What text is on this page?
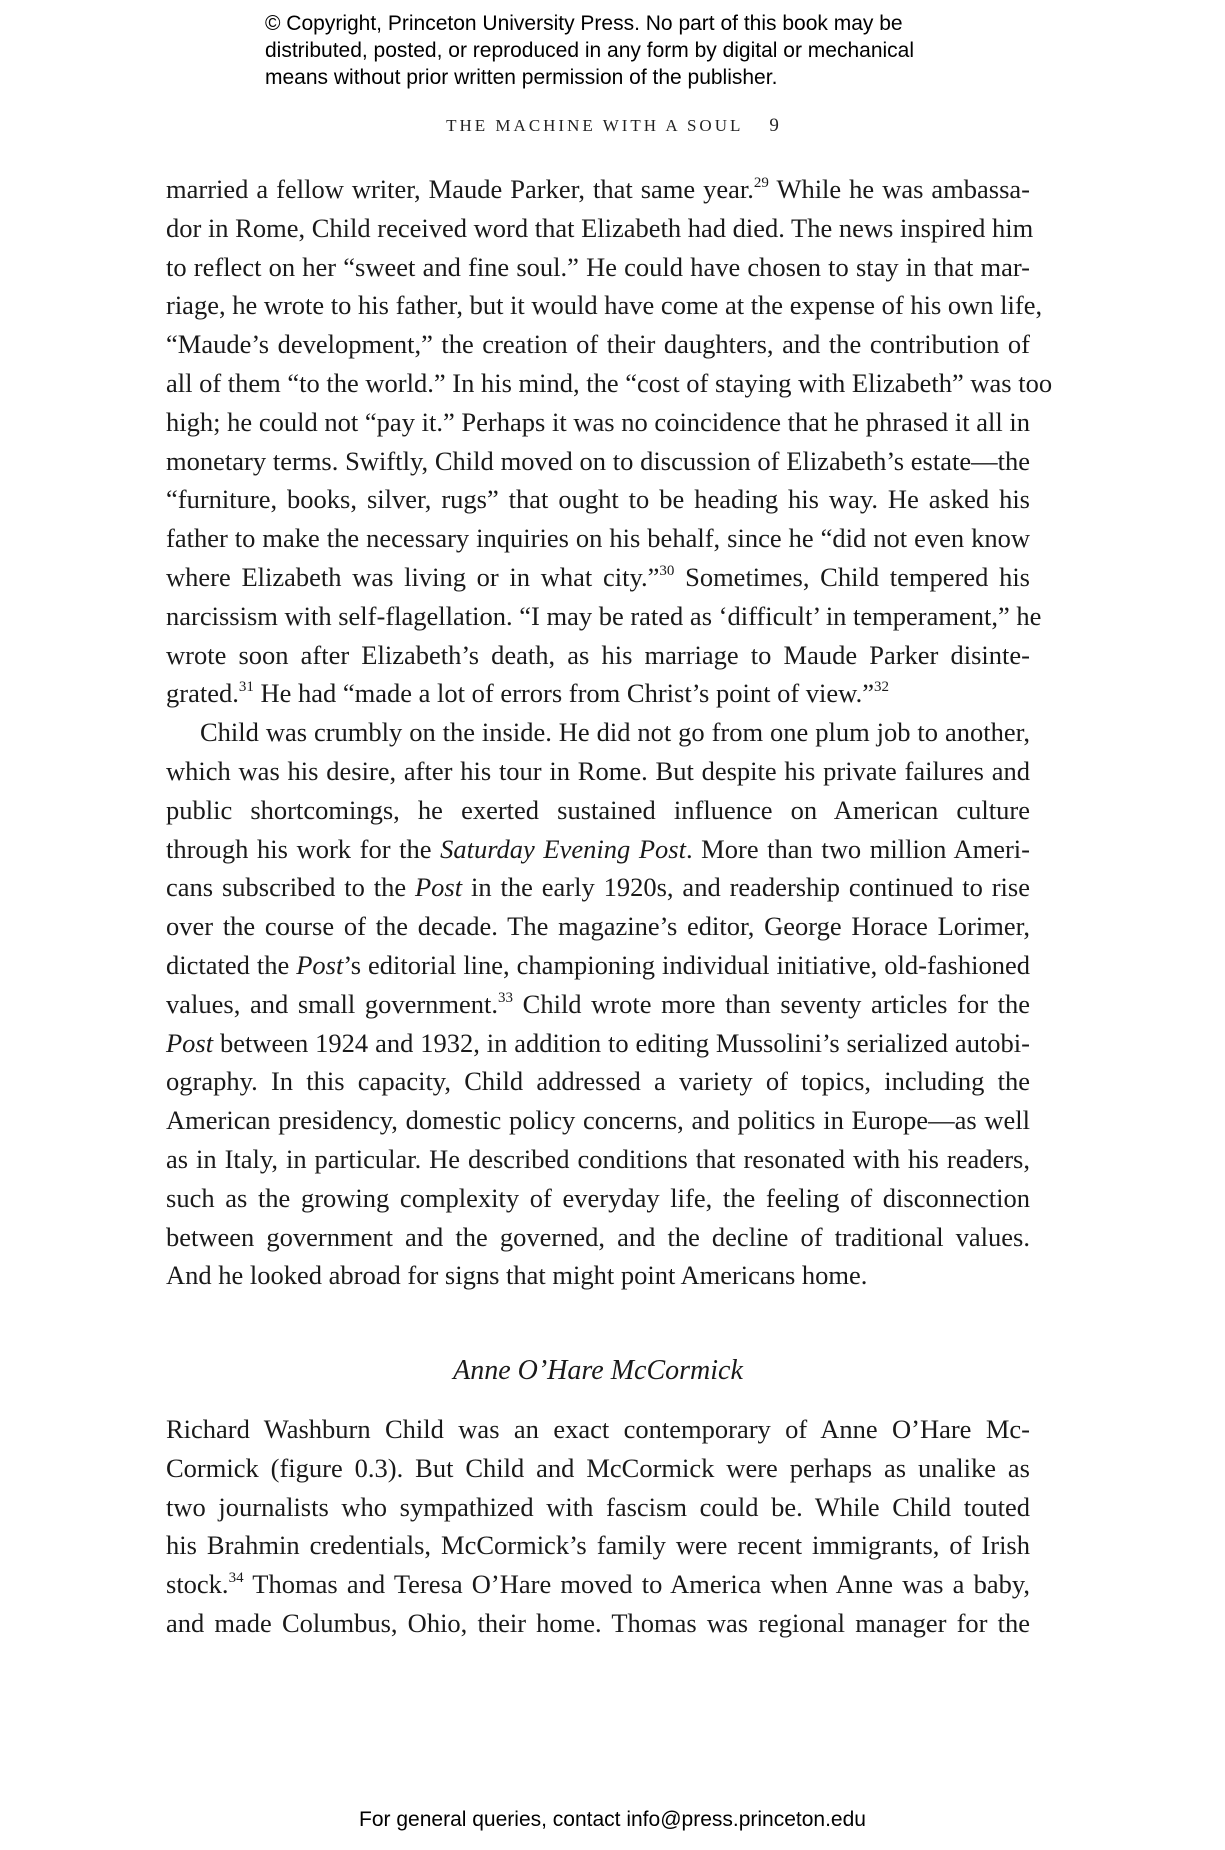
© Copyright, Princeton University Press. No part of this book may be
distributed, posted, or reproduced in any form by digital or mechanical
means without prior written permission of the publisher.
THE MACHINE WITH A SOUL 9
married a fellow writer, Maude Parker, that same year.$^{29}$ While he was ambassa-
dor in Rome, Child received word that Elizabeth had died. The news inspired him
to reflect on her “sweet and fine soul.” He could have chosen to stay in that mar-
riage, he wrote to his father, but it would have come at the expense of his own life,
“Maude’s development,” the creation of their daughters, and the contribution of
all of them “to the world.” In his mind, the “cost of staying with Elizabeth” was too
high; he could not “pay it.” Perhaps it was no coincidence that he phrased it all in
monetary terms. Swiftly, Child moved on to discussion of Elizabeth’s estate—the
“furniture, books, silver, rugs” that ought to be heading his way. He asked his
father to make the necessary inquiries on his behalf, since he “did not even know
where Elizabeth was living or in what city.”$^{30}$ Sometimes, Child tempered his
narcissism with self-flagellation. “I may be rated as ‘difficult’ in temperament,” he
wrote soon after Elizabeth’s death, as his marriage to Maude Parker disinte-
grated.$^{31}$ He had “made a lot of errors from Christ’s point of view.”$^{32}$
Child was crumbly on the inside. He did not go from one plum job to another,
which was his desire, after his tour in Rome. But despite his private failures and
public shortcomings, he exerted sustained influence on American culture
through his work for the Saturday Evening Post. More than two million Ameri-
cans subscribed to the Post in the early 1920s, and readership continued to rise
over the course of the decade. The magazine’s editor, George Horace Lorimer,
dictated the Post’s editorial line, championing individual initiative, old-fashioned
values, and small government.$^{33}$ Child wrote more than seventy articles for the
Post between 1924 and 1932, in addition to editing Mussolini’s serialized autobi-
ography. In this capacity, Child addressed a variety of topics, including the
American presidency, domestic policy concerns, and politics in Europe—as well
as in Italy, in particular. He described conditions that resonated with his readers,
such as the growing complexity of everyday life, the feeling of disconnection
between government and the governed, and the decline of traditional values.
And he looked abroad for signs that might point Americans home.
Anne O’Hare McCormick
Richard Washburn Child was an exact contemporary of Anne O’Hare Mc-
Cormick (figure 0.3). But Child and McCormick were perhaps as unalike as
two journalists who sympathized with fascism could be. While Child touted
his Brahmin credentials, McCormick’s family were recent immigrants, of Irish
stock.$^{34}$ Thomas and Teresa O’Hare moved to America when Anne was a baby,
and made Columbus, Ohio, their home. Thomas was regional manager for the
For general queries, contact info@press.princeton.edu
